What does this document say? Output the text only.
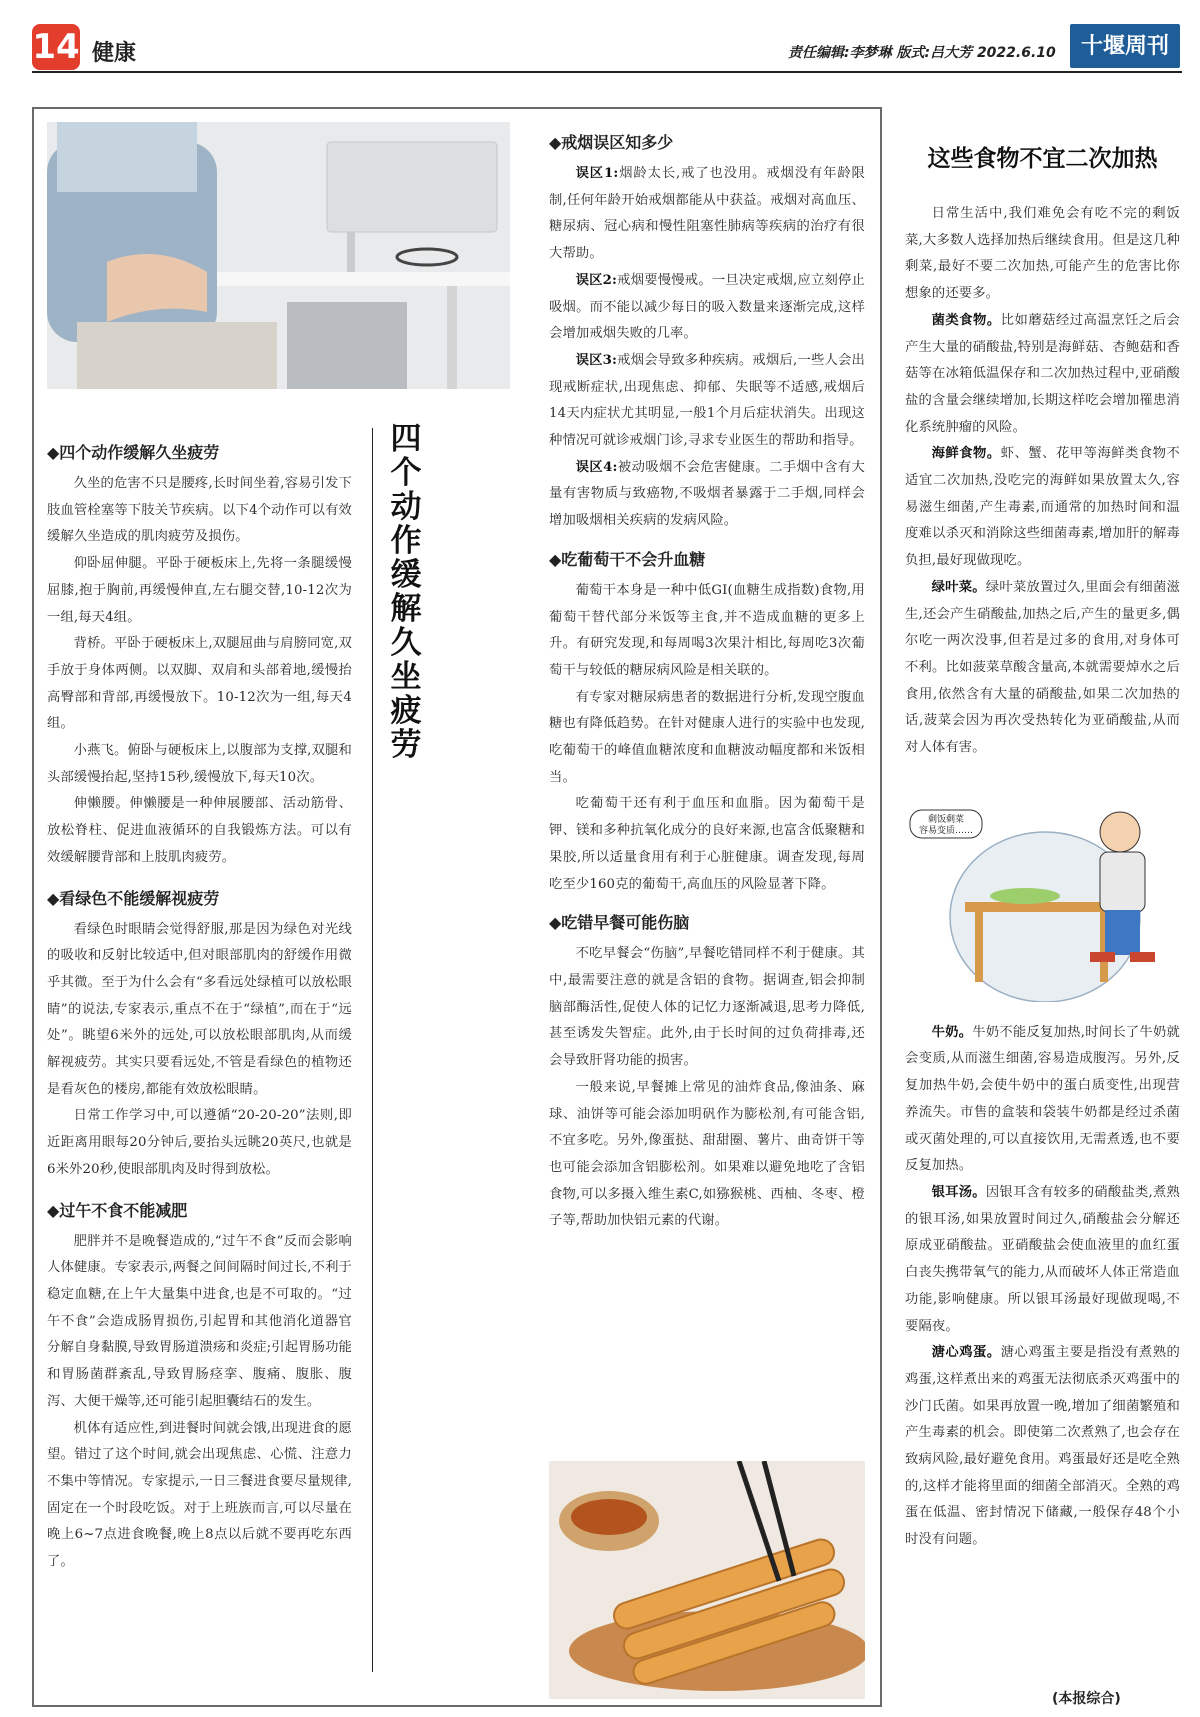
14 健康	责任编辑:李梦琳 版式:吕大芳 2022.6.10	十堰周刊
四个动作缓解久坐疲劳
◆四个动作缓解久坐疲劳

久坐的危害不只是腰疼,长时间坐着,容易引发下肢血管栓塞等下肢关节疾病。以下4个动作可以有效缓解久坐造成的肌肉疲劳及损伤。

仰卧屈伸腿。平卧于硬板床上,先将一条腿缓慢屈膝,抱于胸前,再缓慢伸直,左右腿交替,10-12次为一组,每天4组。

背桥。平卧于硬板床上,双腿屈曲与肩膀同宽,双手放于身体两侧。以双脚、双肩和头部着地,缓慢抬高臀部和背部,再缓慢放下。10-12次为一组,每天4组。

小燕飞。俯卧与硬板床上,以腹部为支撑,双腿和头部缓慢抬起,坚持15秒,缓慢放下,每天10次。

伸懒腰。伸懒腰是一种伸展腰部、活动筋骨、放松脊柱、促进血液循环的自我锻炼方法。可以有效缓解腰背部和上肢肌肉疲劳。

◆看绿色不能缓解视疲劳

看绿色时眼睛会觉得舒服,那是因为绿色对光线的吸收和反射比较适中,但对眼部肌肉的舒缓作用微乎其微。至于为什么会有“多看远处绿植可以放松眼睛”的说法,专家表示,重点不在于“绿植”,而在于“远处”。眺望6米外的远处,可以放松眼部肌肉,从而缓解视疲劳。其实只要看远处,不管是看绿色的植物还是看灰色的楼房,都能有效放松眼睛。

日常工作学习中,可以遵循“20-20-20”法则,即近距离用眼每20分钟后,要抬头远眺20英尺,也就是6米外20秒,使眼部肌肉及时得到放松。

◆过午不食不能减肥

肥胖并不是晚餐造成的,“过午不食”反而会影响人体健康。专家表示,两餐之间间隔时间过长,不利于稳定血糖,在上午大量集中进食,也是不可取的。“过午不食”会造成肠胃损伤,引起胃和其他消化道器官分解自身黏膜,导致胃肠道溃疡和炎症;引起胃肠功能和胃肠菌群紊乱,导致胃肠痉挛、腹痛、腹胀、腹泻、大便干燥等,还可能引起胆囊结石的发生。

机体有适应性,到进餐时间就会饿,出现进食的愿望。错过了这个时间,就会出现焦虑、心慌、注意力不集中等情况。专家提示,一日三餐进食要尽量规律,固定在一个时段吃饭。对于上班族而言,可以尽量在晚上6~7点进食晚餐,晚上8点以后就不要再吃东西了。

◆戒烟误区知多少

误区1:烟龄太长,戒了也没用。戒烟没有年龄限制,任何年龄开始戒烟都能从中获益。戒烟对高血压、糖尿病、冠心病和慢性阻塞性肺病等疾病的治疗有很大帮助。

误区2:戒烟要慢慢戒。一旦决定戒烟,应立刻停止吸烟。而不能以减少每日的吸入数量来逐渐完成,这样会增加戒烟失败的几率。

误区3:戒烟会导致多种疾病。戒烟后,一些人会出现戒断症状,出现焦虑、抑郁、失眠等不适感,戒烟后14天内症状尤其明显,一般1个月后症状消失。出现这种情况可就诊戒烟门诊,寻求专业医生的帮助和指导。

误区4:被动吸烟不会危害健康。二手烟中含有大量有害物质与致癌物,不吸烟者暴露于二手烟,同样会增加吸烟相关疾病的发病风险。

◆吃葡萄干不会升血糖

葡萄干本身是一种中低GI(血糖生成指数)食物,用葡萄干替代部分米饭等主食,并不造成血糖的更多上升。有研究发现,和每周喝3次果汁相比,每周吃3次葡萄干与较低的糖尿病风险是相关联的。

有专家对糖尿病患者的数据进行分析,发现空腹血糖也有降低趋势。在针对健康人进行的实验中也发现,吃葡萄干的峰值血糖浓度和血糖波动幅度都和米饭相当。

吃葡萄干还有利于血压和血脂。因为葡萄干是钾、镁和多种抗氧化成分的良好来源,也富含低聚糖和果胶,所以适量食用有利于心脏健康。调查发现,每周吃至少160克的葡萄干,高血压的风险显著下降。

◆吃错早餐可能伤脑

不吃早餐会“伤脑”,早餐吃错同样不利于健康。其中,最需要注意的就是含铝的食物。据调查,铝会抑制脑部酶活性,促使人体的记忆力逐渐减退,思考力降低,甚至诱发失智症。此外,由于长时间的过负荷排毒,还会导致肝肾功能的损害。

一般来说,早餐摊上常见的油炸食品,像油条、麻球、油饼等可能会添加明矾作为膨松剂,有可能含铝,不宜多吃。另外,像蛋挞、甜甜圈、薯片、曲奇饼干等也可能会添加含铝膨松剂。如果难以避免地吃了含铝食物,可以多摄入维生素C,如猕猴桃、西柚、冬枣、橙子等,帮助加快铝元素的代谢。

这些食物不宜二次加热

日常生活中,我们难免会有吃不完的剩饭菜,大多数人选择加热后继续食用。但是这几种剩菜,最好不要二次加热,可能产生的危害比你想象的还要多。

菌类食物。比如蘑菇经过高温烹饪之后会产生大量的硝酸盐,特别是海鲜菇、杏鲍菇和香菇等在冰箱低温保存和二次加热过程中,亚硝酸盐的含量会继续增加,长期这样吃会增加罹患消化系统肿瘤的风险。

海鲜食物。虾、蟹、花甲等海鲜类食物不适宜二次加热,没吃完的海鲜如果放置太久,容易滋生细菌,产生毒素,而通常的加热时间和温度难以杀灭和消除这些细菌毒素,增加肝的解毒负担,最好现做现吃。

绿叶菜。绿叶菜放置过久,里面会有细菌滋生,还会产生硝酸盐,加热之后,产生的量更多,偶尔吃一两次没事,但若是过多的食用,对身体可不利。比如菠菜草酸含量高,本就需要焯水之后食用,依然含有大量的硝酸盐,如果二次加热的话,菠菜会因为再次受热转化为亚硝酸盐,从而对人体有害。

剩饭剩菜
容易变质……

牛奶。牛奶不能反复加热,时间长了牛奶就会变质,从而滋生细菌,容易造成腹泻。另外,反复加热牛奶,会使牛奶中的蛋白质变性,出现营养流失。市售的盒装和袋装牛奶都是经过杀菌或灭菌处理的,可以直接饮用,无需煮透,也不要反复加热。

银耳汤。因银耳含有较多的硝酸盐类,煮熟的银耳汤,如果放置时间过久,硝酸盐会分解还原成亚硝酸盐。亚硝酸盐会使血液里的血红蛋白丧失携带氧气的能力,从而破坏人体正常造血功能,影响健康。所以银耳汤最好现做现喝,不要隔夜。

溏心鸡蛋。溏心鸡蛋主要是指没有煮熟的鸡蛋,这样煮出来的鸡蛋无法彻底杀灭鸡蛋中的沙门氏菌。如果再放置一晚,增加了细菌繁殖和产生毒素的机会。即使第二次煮熟了,也会存在致病风险,最好避免食用。鸡蛋最好还是吃全熟的,这样才能将里面的细菌全部消灭。全熟的鸡蛋在低温、密封情况下储藏,一般保存48个小时没有问题。

(本报综合)
